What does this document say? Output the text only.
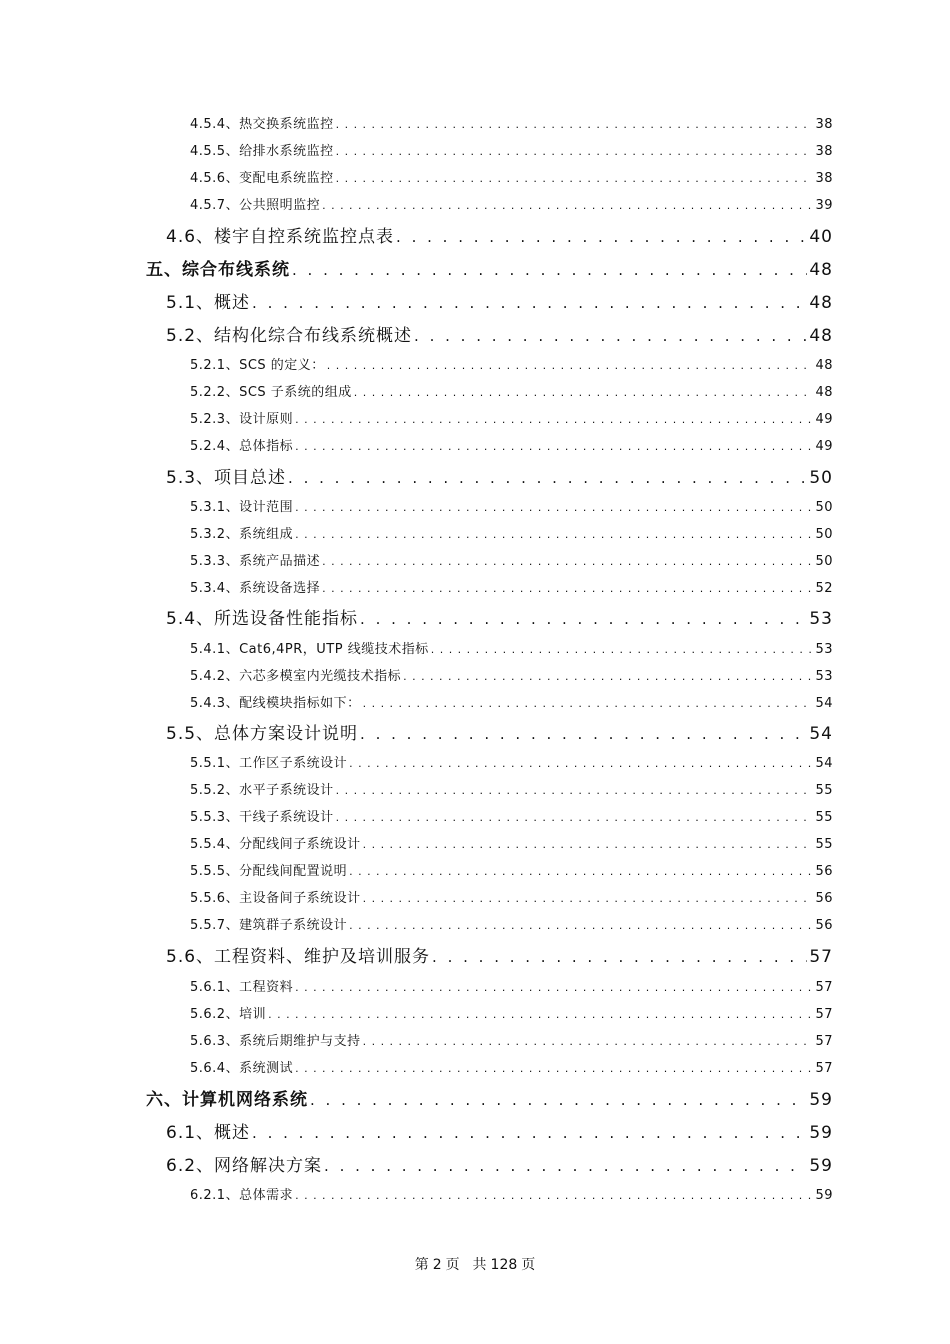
4.5.4、热交换系统监控 . . .	38
4.5.5、给排水系统监控 . . .	38
4.5.6、变配电系统监控 . . .	38
4.5.7、公共照明监控 . . .	39
4.6、楼宇自控系统监控点表 . . .	40
五、综合布线系统 . . .	48
5.1、概述 . . .	48
5.2、结构化综合布线系统概述 . . .	48
5.2.1、SCS 的定义： . . .	48
5.2.2、SCS 子系统的组成 . . .	48
5.2.3、设计原则 . . .	49
5.2.4、总体指标 . . .	49
5.3、项目总述 . . .	50
5.3.1、设计范围 . . .	50
5.3.2、系统组成 . . .	50
5.3.3、系统产品描述 . . .	50
5.3.4、系统设备选择 . . .	52
5.4、所选设备性能指标 . . .	53
5.4.1、Cat6,4PR，UTP 线缆技术指标 . . .	53
5.4.2、六芯多模室内光缆技术指标 . . .	53
5.4.3、配线模块指标如下： . . .	54
5.5、总体方案设计说明 . . .	54
5.5.1、工作区子系统设计 . . .	54
5.5.2、水平子系统设计 . . .	55
5.5.3、干线子系统设计 . . .	55
5.5.4、分配线间子系统设计 . . .	55
5.5.5、分配线间配置说明 . . .	56
5.5.6、主设备间子系统设计 . . .	56
5.5.7、建筑群子系统设计 . . .	56
5.6、工程资料、维护及培训服务 . . .	57
5.6.1、工程资料 . . .	57
5.6.2、培训 . . .	57
5.6.3、系统后期维护与支持 . . .	57
5.6.4、系统测试 . . .	57
六、计算机网络系统 . . .	59
6.1、概述 . . .	59
6.2、网络解决方案 . . .	59
6.2.1、总体需求 . . .	59
第 2 页 共 128 页
